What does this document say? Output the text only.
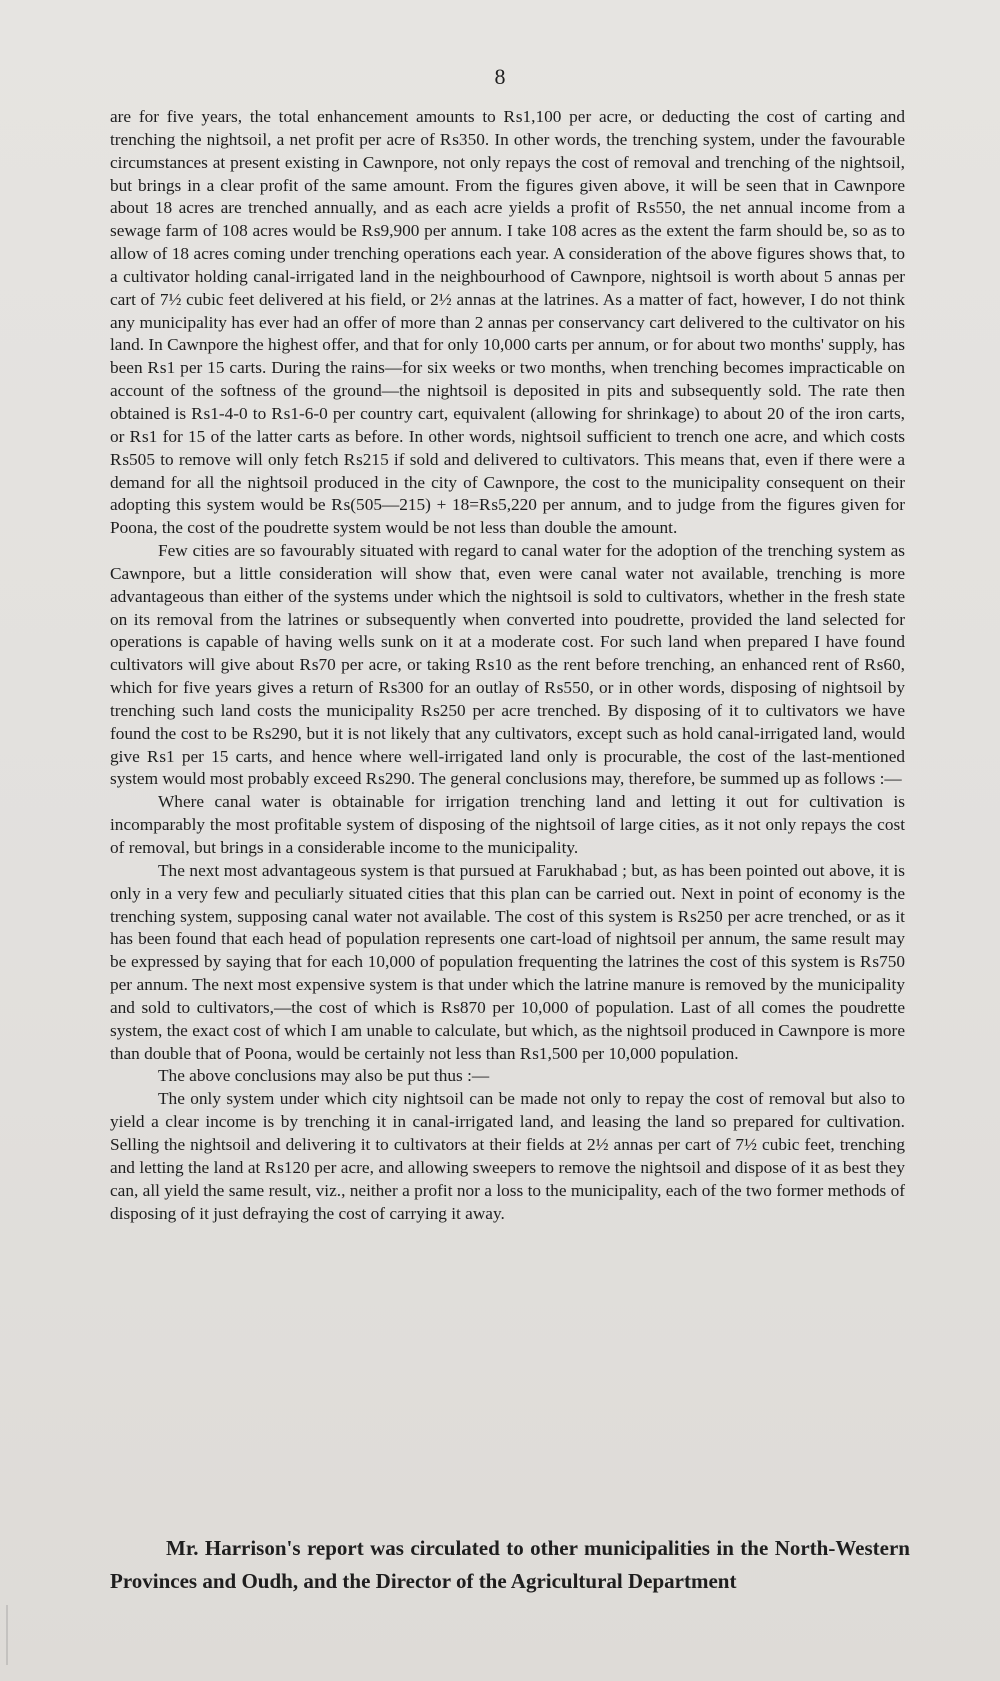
8

are for five years, the total enhancement amounts to ₨1,100 per acre, or deducting the cost of carting and trenching the nightsoil, a net profit per acre of ₨350. In other words, the trenching system, under the favourable circumstances at present existing in Cawnpore, not only repays the cost of removal and trenching of the nightsoil, but brings in a clear profit of the same amount. From the figures given above, it will be seen that in Cawnpore about 18 acres are trenched annually, and as each acre yields a profit of ₨550, the net annual income from a sewage farm of 108 acres would be ₨9,900 per annum. I take 108 acres as the extent the farm should be, so as to allow of 18 acres coming under trenching operations each year. A consideration of the above figures shows that, to a cultivator holding canal-irrigated land in the neighbourhood of Cawnpore, nightsoil is worth about 5 annas per cart of 7½ cubic feet delivered at his field, or 2½ annas at the latrines. As a matter of fact, however, I do not think any municipality has ever had an offer of more than 2 annas per conservancy cart delivered to the cultivator on his land. In Cawnpore the highest offer, and that for only 10,000 carts per annum, or for about two months' supply, has been ₨1 per 15 carts. During the rains—for six weeks or two months, when trenching becomes impracticable on account of the softness of the ground—the nightsoil is deposited in pits and subsequently sold. The rate then obtained is ₨1-4-0 to ₨1-6-0 per country cart, equivalent (allowing for shrinkage) to about 20 of the iron carts, or ₨1 for 15 of the latter carts as before. In other words, nightsoil sufficient to trench one acre, and which costs ₨505 to remove will only fetch ₨215 if sold and delivered to cultivators. This means that, even if there were a demand for all the nightsoil produced in the city of Cawnpore, the cost to the municipality consequent on their adopting this system would be ₨(505—215) + 18=₨5,220 per annum, and to judge from the figures given for Poona, the cost of the poudrette system would be not less than double the amount.

Few cities are so favourably situated with regard to canal water for the adoption of the trenching system as Cawnpore, but a little consideration will show that, even were canal water not available, trenching is more advantageous than either of the systems under which the nightsoil is sold to cultivators, whether in the fresh state on its removal from the latrines or subsequently when converted into poudrette, provided the land selected for operations is capable of having wells sunk on it at a moderate cost. For such land when prepared I have found cultivators will give about ₨70 per acre, or taking ₨10 as the rent before trenching, an enhanced rent of ₨60, which for five years gives a return of ₨300 for an outlay of ₨550, or in other words, disposing of nightsoil by trenching such land costs the municipality ₨250 per acre trenched. By disposing of it to cultivators we have found the cost to be ₨290, but it is not likely that any cultivators, except such as hold canal-irrigated land, would give ₨1 per 15 carts, and hence where well-irrigated land only is procurable, the cost of the last-mentioned system would most probably exceed ₨290. The general conclusions may, therefore, be summed up as follows :—

Where canal water is obtainable for irrigation trenching land and letting it out for cultivation is incomparably the most profitable system of disposing of the nightsoil of large cities, as it not only repays the cost of removal, but brings in a considerable income to the municipality.

The next most advantageous system is that pursued at Farukhabad ; but, as has been pointed out above, it is only in a very few and peculiarly situated cities that this plan can be carried out. Next in point of economy is the trenching system, supposing canal water not available. The cost of this system is ₨250 per acre trenched, or as it has been found that each head of population represents one cart-load of nightsoil per annum, the same result may be expressed by saying that for each 10,000 of population frequenting the latrines the cost of this system is ₨750 per annum. The next most expensive system is that under which the latrine manure is removed by the municipality and sold to cultivators,—the cost of which is ₨870 per 10,000 of population. Last of all comes the poudrette system, the exact cost of which I am unable to calculate, but which, as the nightsoil produced in Cawnpore is more than double that of Poona, would be certainly not less than ₨1,500 per 10,000 population.

The above conclusions may also be put thus :—

The only system under which city nightsoil can be made not only to repay the cost of removal but also to yield a clear income is by trenching it in canal-irrigated land, and leasing the land so prepared for cultivation. Selling the nightsoil and delivering it to cultivators at their fields at 2½ annas per cart of 7½ cubic feet, trenching and letting the land at ₨120 per acre, and allowing sweepers to remove the nightsoil and dispose of it as best they can, all yield the same result, viz., neither a profit nor a loss to the municipality, each of the two former methods of disposing of it just defraying the cost of carrying it away.

Mr. Harrison's report was circulated to other municipalities in the North-Western Provinces and Oudh, and the Director of the Agricultural Department
